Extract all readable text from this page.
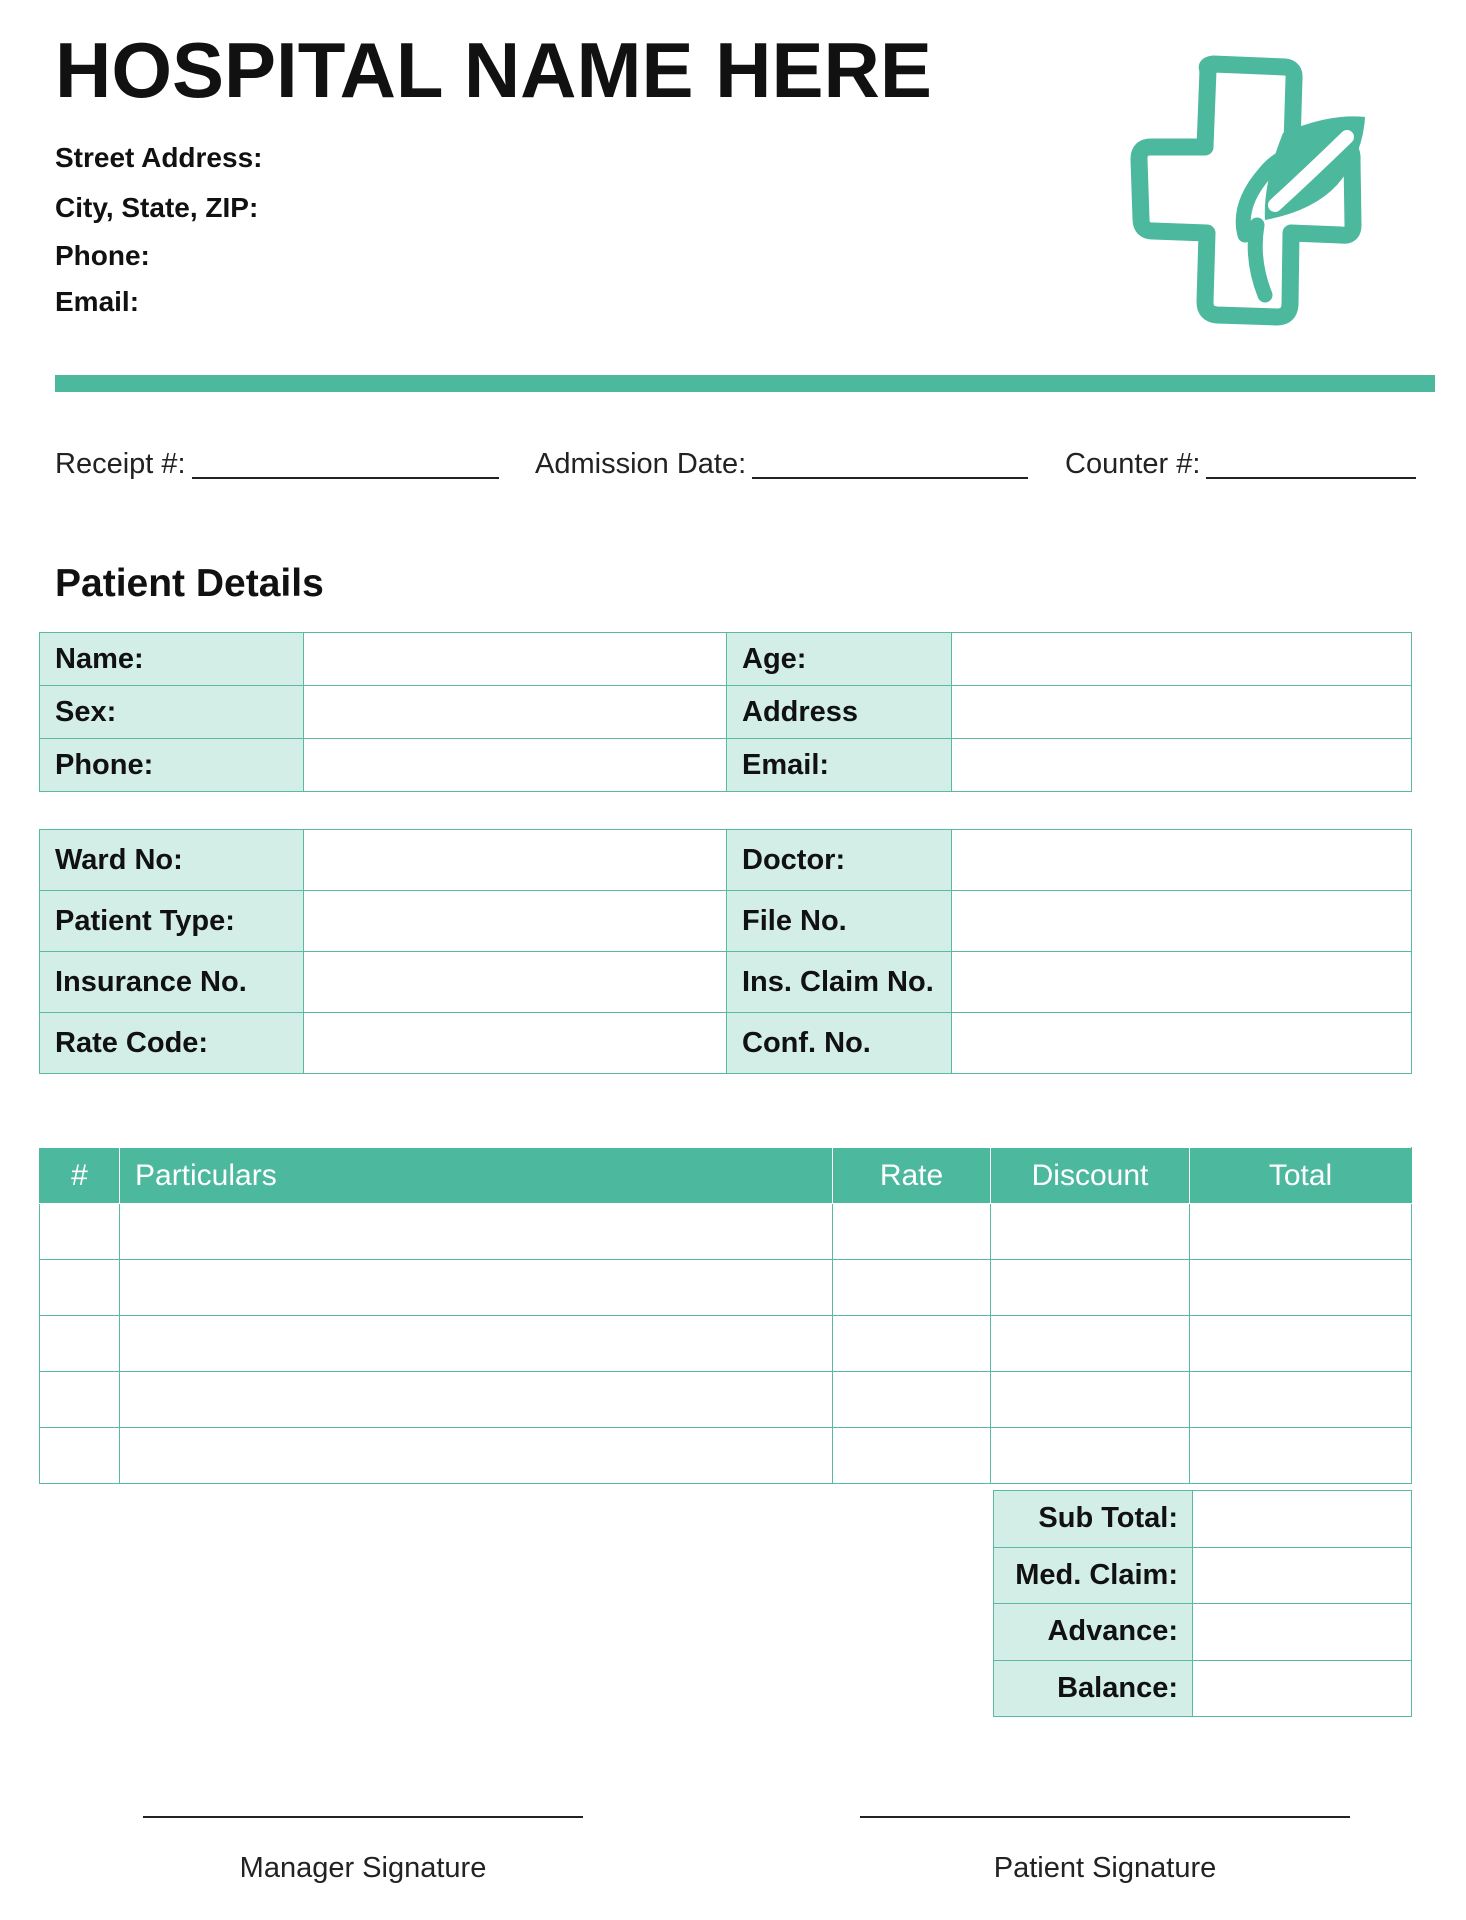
HOSPITAL NAME HERE
Street Address:
City, State, ZIP:
Phone:
Email:
Receipt #:	Admission Date:	Counter #:
Patient Details
Name:		Age:	
Sex:		Address	
Phone:		Email:	
Ward No:		Doctor:	
Patient Type:		File No.	
Insurance No.		Ins. Claim No.	
Rate Code:		Conf. No.	
#	Particulars	Rate	Discount	Total

Sub Total:	
Med. Claim:	
Advance:	
Balance:	
Manager Signature	Patient Signature
